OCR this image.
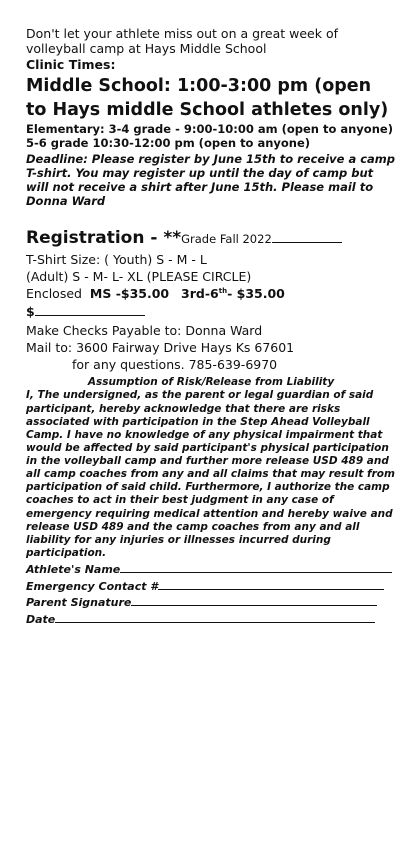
Don't let your athlete miss out on a great week of volleyball camp at Hays Middle School

Clinic Times:

Middle School: 1:00-3:00 pm (open to Hays middle School athletes only)

Elementary: 3-4 grade - 9:00-10:00 am (open to anyone) 5-6 grade 10:30-12:00 pm (open to anyone)

Deadline: Please register by June 15th to receive a camp T-shirt. You may register up until the day of camp but will not receive a shirt after June 15th. Please mail to Donna Ward

Registration - **Grade Fall 2022

T-Shirt Size: ( Youth) S - M - L

(Adult) S - M- L- XL (PLEASE CIRCLE)

Enclosed MS -$35.00 3rd-6th- $35.00

$

Make Checks Payable to: Donna Ward

Mail to: 3600 Fairway Drive Hays Ks 67601

for any questions. 785-639-6970

Assumption of Risk/Release from Liability

I, The undersigned, as the parent or legal guardian of said participant, hereby acknowledge that there are risks associated with participation in the Step Ahead Volleyball Camp. I have no knowledge of any physical impairment that would be affected by said participant's physical participation in the volleyball camp and further more release USD 489 and all camp coaches from any and all claims that may result from participation of said child. Furthermore, I authorize the camp coaches to act in their best judgment in any case of emergency requiring medical attention and hereby waive and release USD 489 and the camp coaches from any and all liability for any injuries or illnesses incurred during participation.

Athlete's Name

Emergency Contact #

Parent Signature

Date
